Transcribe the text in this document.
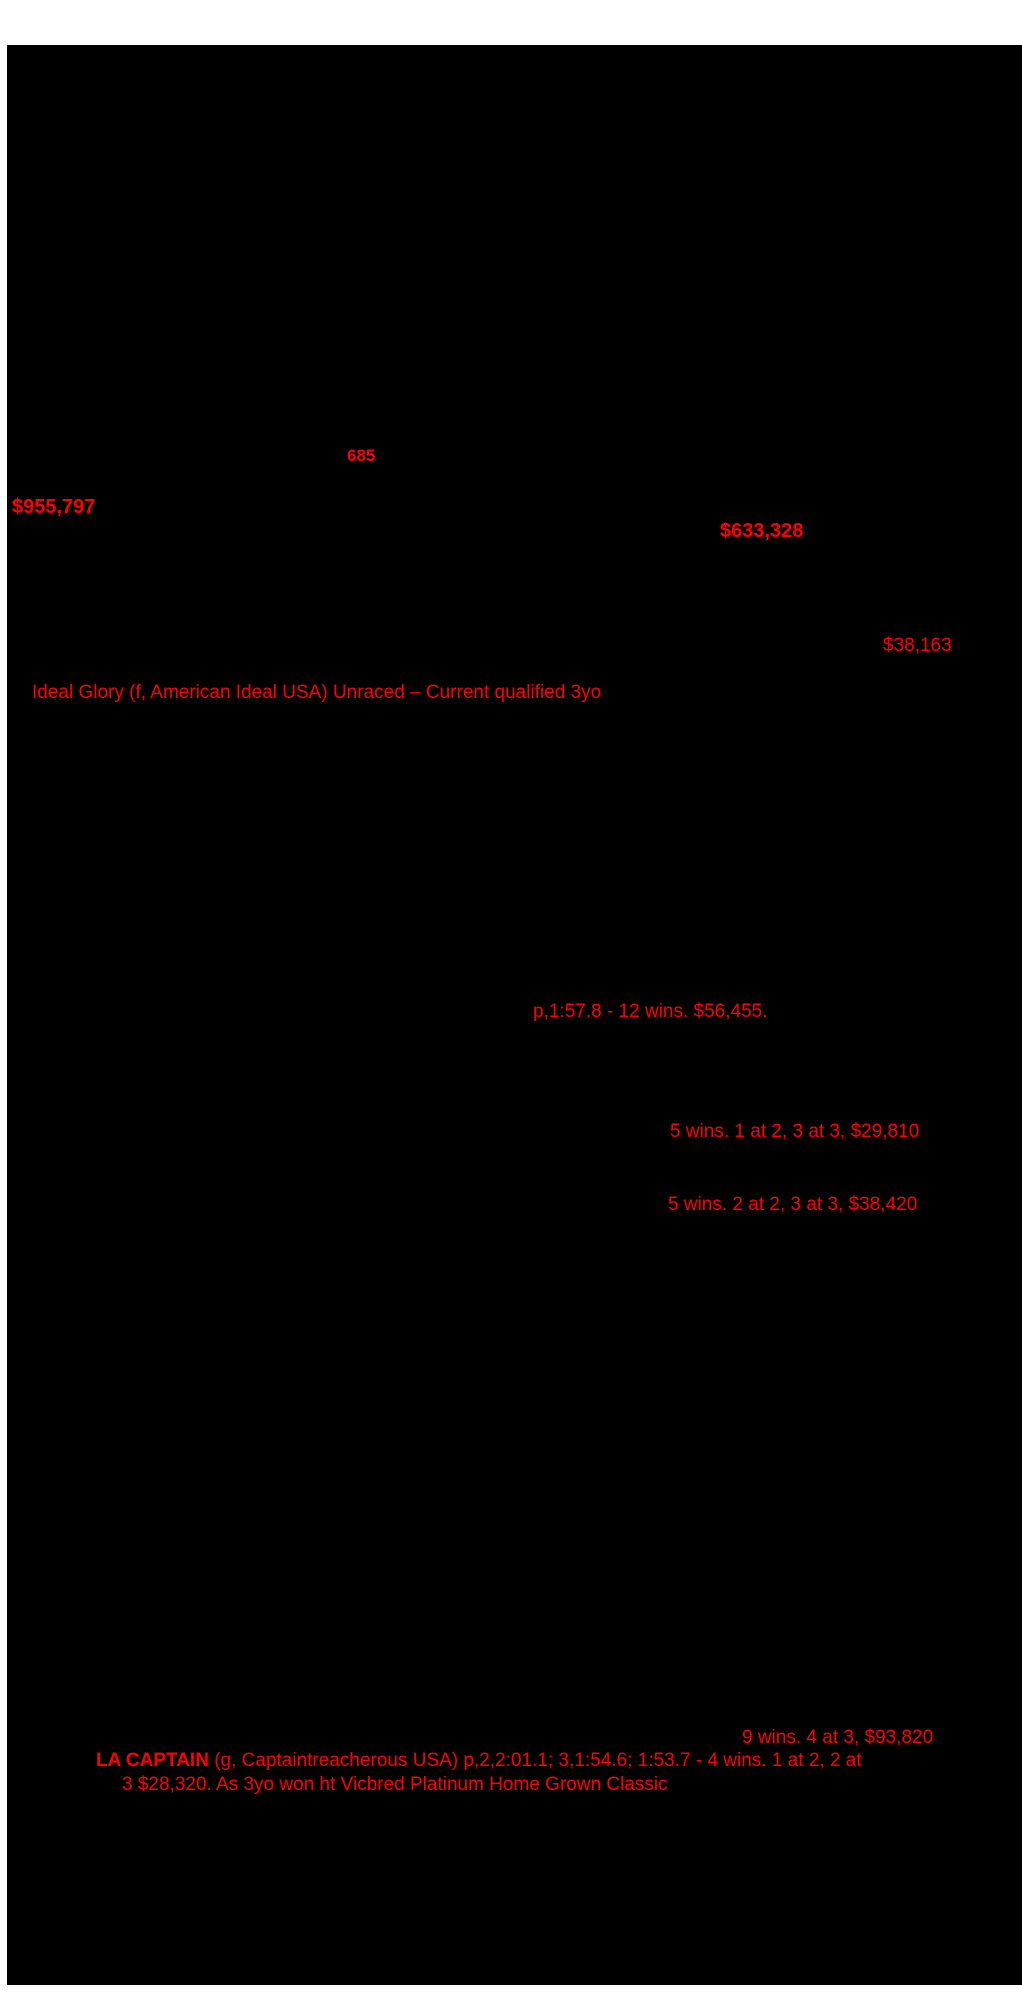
685
$955,797
$633,328
$38,163
Ideal Glory (f, American Ideal USA) Unraced – Current qualified 3yo
p,1:57.8 - 12 wins. $56,455.
5 wins. 1 at 2, 3 at 3, $29,810
5 wins. 2 at 2, 3 at 3, $38,420
9 wins. 4 at 3, $93,820
LA CAPTAIN (g, Captaintreacherous USA) p,2,2:01.1; 3,1:54.6; 1:53.7 - 4 wins. 1 at 2, 2 at
3 $28,320. As 3yo won ht Vicbred Platinum Home Grown Classic
